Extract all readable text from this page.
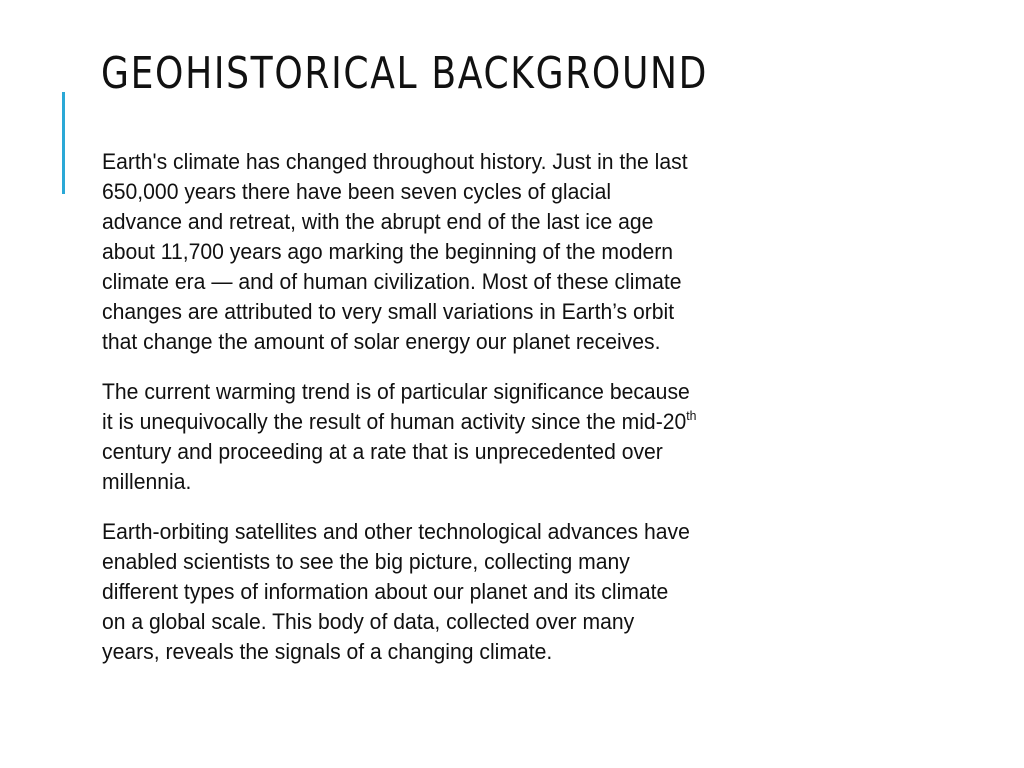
GEOHISTORICAL BACKGROUND

Earth's climate has changed throughout history. Just in the last
650,000 years there have been seven cycles of glacial
advance and retreat, with the abrupt end of the last ice age
about 11,700 years ago marking the beginning of the modern
climate era — and of human civilization. Most of these climate
changes are attributed to very small variations in Earth’s orbit
that change the amount of solar energy our planet receives.

The current warming trend is of particular significance because
it is unequivocally the result of human activity since the mid-20th
century and proceeding at a rate that is unprecedented over
millennia.

Earth-orbiting satellites and other technological advances have
enabled scientists to see the big picture, collecting many
different types of information about our planet and its climate
on a global scale. This body of data, collected over many
years, reveals the signals of a changing climate.
